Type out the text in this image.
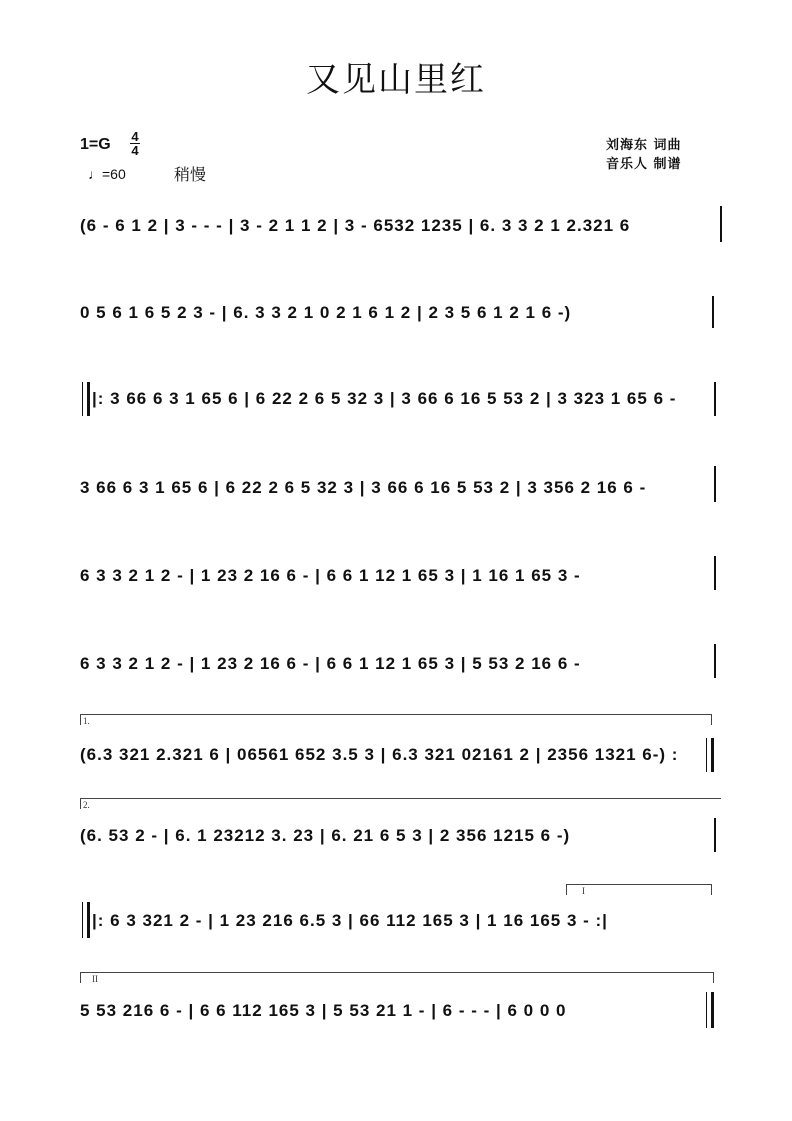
又见山里红
1=G 4
4
♩=60	稍慢
刘海东 词曲
音乐人 制谱
(6 - 6 1 2 | 3 - - - | 3 - 2 1 1 2 | 3 - 6532 1235 | 6. 3 3 2 1 2.321 6
0 5 6 1 6 5 2 3 - | 6. 3 3 2 1 0 2 1 6 1 2 | 2 3 5 6 1 2 1 6 -)
|: 3 66 6 3 1 65 6 | 6 22 2 6 5 32 3 | 3 66 6 16 5 53 2 | 3 323 1 65 6 -
3 66 6 3 1 65 6 | 6 22 2 6 5 32 3 | 3 66 6 16 5 53 2 | 3 356 2 16 6 -
6 3 3 2 1 2 - | 1 23 2 16 6 - | 6 6 1 12 1 65 3 | 1 16 1 65 3 -
6 3 3 2 1 2 - | 1 23 2 16 6 - | 6 6 1 12 1 65 3 | 5 53 2 16 6 -
1.
(6.3 321 2.321 6 | 06561 652 3.5 3 | 6.3 321 02161 2 | 2356 1321 6-) :
2.
(6. 53 2 - | 6. 1 23212 3. 23 | 6. 21 6 5 3 | 2 356 1215 6 -)
I
|: 6 3 321 2 - | 1 23 216 6.5 3 | 66 112 165 3 | 1 16 165 3 - :|
II
5 53 216 6 - | 6 6 112 165 3 | 5 53 21 1 - | 6 - - - | 6 0 0 0
